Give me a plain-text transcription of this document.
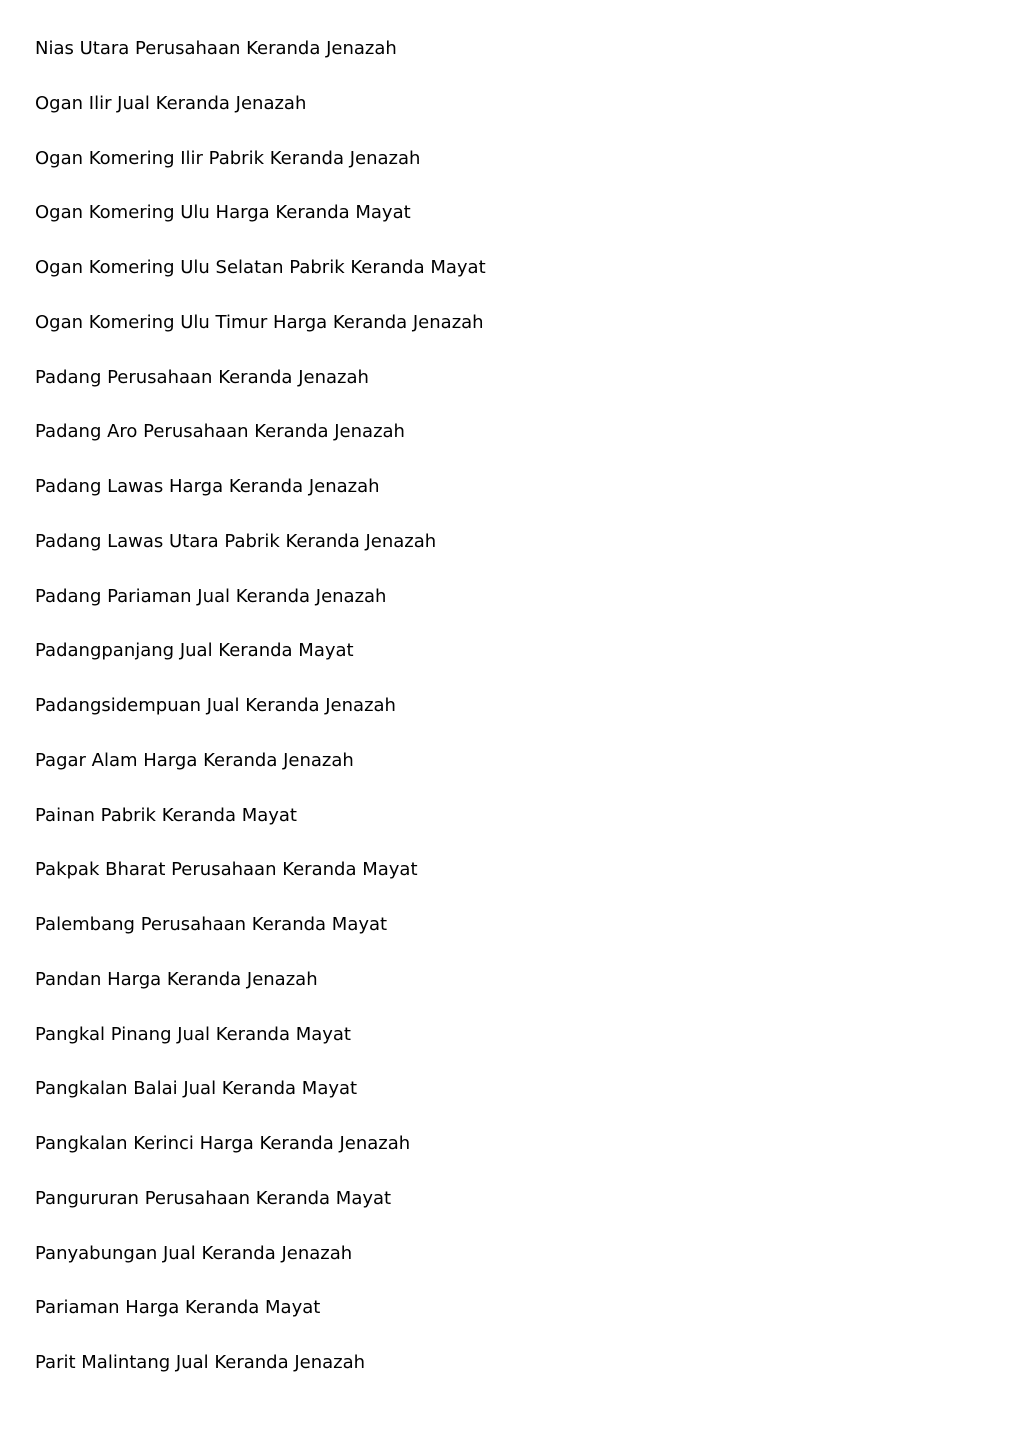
Nias Utara Perusahaan Keranda Jenazah
Ogan Ilir Jual Keranda Jenazah
Ogan Komering Ilir Pabrik Keranda Jenazah
Ogan Komering Ulu Harga Keranda Mayat
Ogan Komering Ulu Selatan Pabrik Keranda Mayat
Ogan Komering Ulu Timur Harga Keranda Jenazah
Padang Perusahaan Keranda Jenazah
Padang Aro Perusahaan Keranda Jenazah
Padang Lawas Harga Keranda Jenazah
Padang Lawas Utara Pabrik Keranda Jenazah
Padang Pariaman Jual Keranda Jenazah
Padangpanjang Jual Keranda Mayat
Padangsidempuan Jual Keranda Jenazah
Pagar Alam Harga Keranda Jenazah
Painan Pabrik Keranda Mayat
Pakpak Bharat Perusahaan Keranda Mayat
Palembang Perusahaan Keranda Mayat
Pandan Harga Keranda Jenazah
Pangkal Pinang Jual Keranda Mayat
Pangkalan Balai Jual Keranda Mayat
Pangkalan Kerinci Harga Keranda Jenazah
Pangururan Perusahaan Keranda Mayat
Panyabungan Jual Keranda Jenazah
Pariaman Harga Keranda Mayat
Parit Malintang Jual Keranda Jenazah
